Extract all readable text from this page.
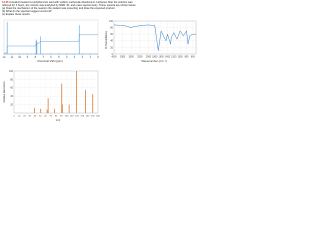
12.35 A student heated 3-methylbenzoic acid with sodium methoxide dissolved in methanol. After the solution was
refluxed for 2 hours, the mixture was analyzed by NMR, IR, and mass spectrometry. These spectra are shown below.
(a) Draw the mechanism of the reaction the student was expecting and draw the expected product.
(b) What do the spectral suggest occurred?
(c) Explain these results.
12 11 10 9 8 7 6 5 4 3 2 1 0
Chemical shift (ppm)
100
80
60
40
20
0
4000	3500	3000	2500	2000 1800 1600 1400 1200 1000 800	600
Wavenumber (cm⁻¹)
% Transmittance
100
80
60
40
20
0	10	20	30	40	50	60	70	80	90	100 110 120 130 140 150 160
m/z
Relative abundance
